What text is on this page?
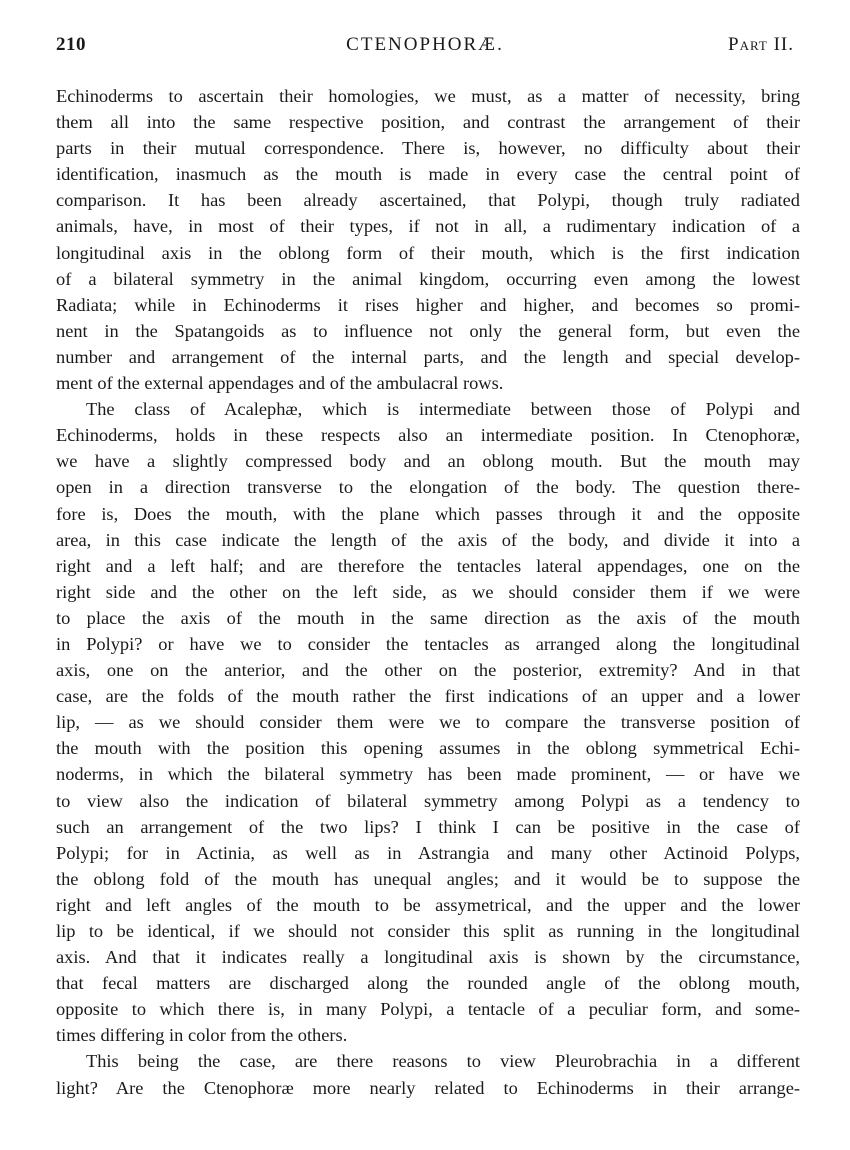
210	CTENOPHORÆ.	Part II.
Echinoderms to ascertain their homologies, we must, as a matter of necessity, bring
them all into the same respective position, and contrast the arrangement of their
parts in their mutual correspondence. There is, however, no difficulty about their
identification, inasmuch as the mouth is made in every case the central point of
comparison. It has been already ascertained, that Polypi, though truly radiated
animals, have, in most of their types, if not in all, a rudimentary indication of a
longitudinal axis in the oblong form of their mouth, which is the first indication
of a bilateral symmetry in the animal kingdom, occurring even among the lowest
Radiata; while in Echinoderms it rises higher and higher, and becomes so promi-
nent in the Spatangoids as to influence not only the general form, but even the
number and arrangement of the internal parts, and the length and special develop-
ment of the external appendages and of the ambulacral rows.
The class of Acalephæ, which is intermediate between those of Polypi and
Echinoderms, holds in these respects also an intermediate position. In Ctenophoræ,
we have a slightly compressed body and an oblong mouth. But the mouth may
open in a direction transverse to the elongation of the body. The question there-
fore is, Does the mouth, with the plane which passes through it and the opposite
area, in this case indicate the length of the axis of the body, and divide it into a
right and a left half; and are therefore the tentacles lateral appendages, one on the
right side and the other on the left side, as we should consider them if we were
to place the axis of the mouth in the same direction as the axis of the mouth
in Polypi? or have we to consider the tentacles as arranged along the longitudinal
axis, one on the anterior, and the other on the posterior, extremity? And in that
case, are the folds of the mouth rather the first indications of an upper and a lower
lip, — as we should consider them were we to compare the transverse position of
the mouth with the position this opening assumes in the oblong symmetrical Echi-
noderms, in which the bilateral symmetry has been made prominent, — or have we
to view also the indication of bilateral symmetry among Polypi as a tendency to
such an arrangement of the two lips? I think I can be positive in the case of
Polypi; for in Actinia, as well as in Astrangia and many other Actinoid Polyps,
the oblong fold of the mouth has unequal angles; and it would be to suppose the
right and left angles of the mouth to be assymetrical, and the upper and the lower
lip to be identical, if we should not consider this split as running in the longitudinal
axis. And that it indicates really a longitudinal axis is shown by the circumstance,
that fecal matters are discharged along the rounded angle of the oblong mouth,
opposite to which there is, in many Polypi, a tentacle of a peculiar form, and some-
times differing in color from the others.
This being the case, are there reasons to view Pleurobrachia in a different
light? Are the Ctenophoræ more nearly related to Echinoderms in their arrange-
